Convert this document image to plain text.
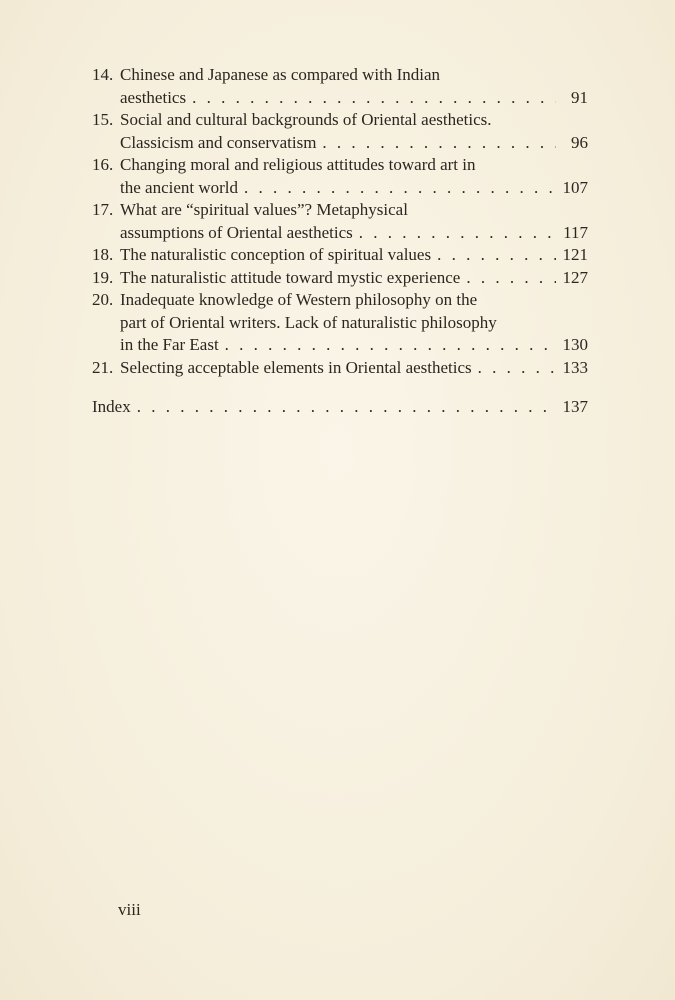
14. Chinese and Japanese as compared with Indian
aesthetics . . .	91
15. Social and cultural backgrounds of Oriental aesthetics.
Classicism and conservatism . . .	96
16. Changing moral and religious attitudes toward art in
the ancient world . . .	107
17. What are “spiritual values”? Metaphysical
assumptions of Oriental aesthetics . . .	117
18. The naturalistic conception of spiritual values . . .	121
19. The naturalistic attitude toward mystic experience . . .	127
20. Inadequate knowledge of Western philosophy on the
part of Oriental writers. Lack of naturalistic philosophy
in the Far East . . .	130
21. Selecting acceptable elements in Oriental aesthetics . . .	133
Index . . .	137
viii
